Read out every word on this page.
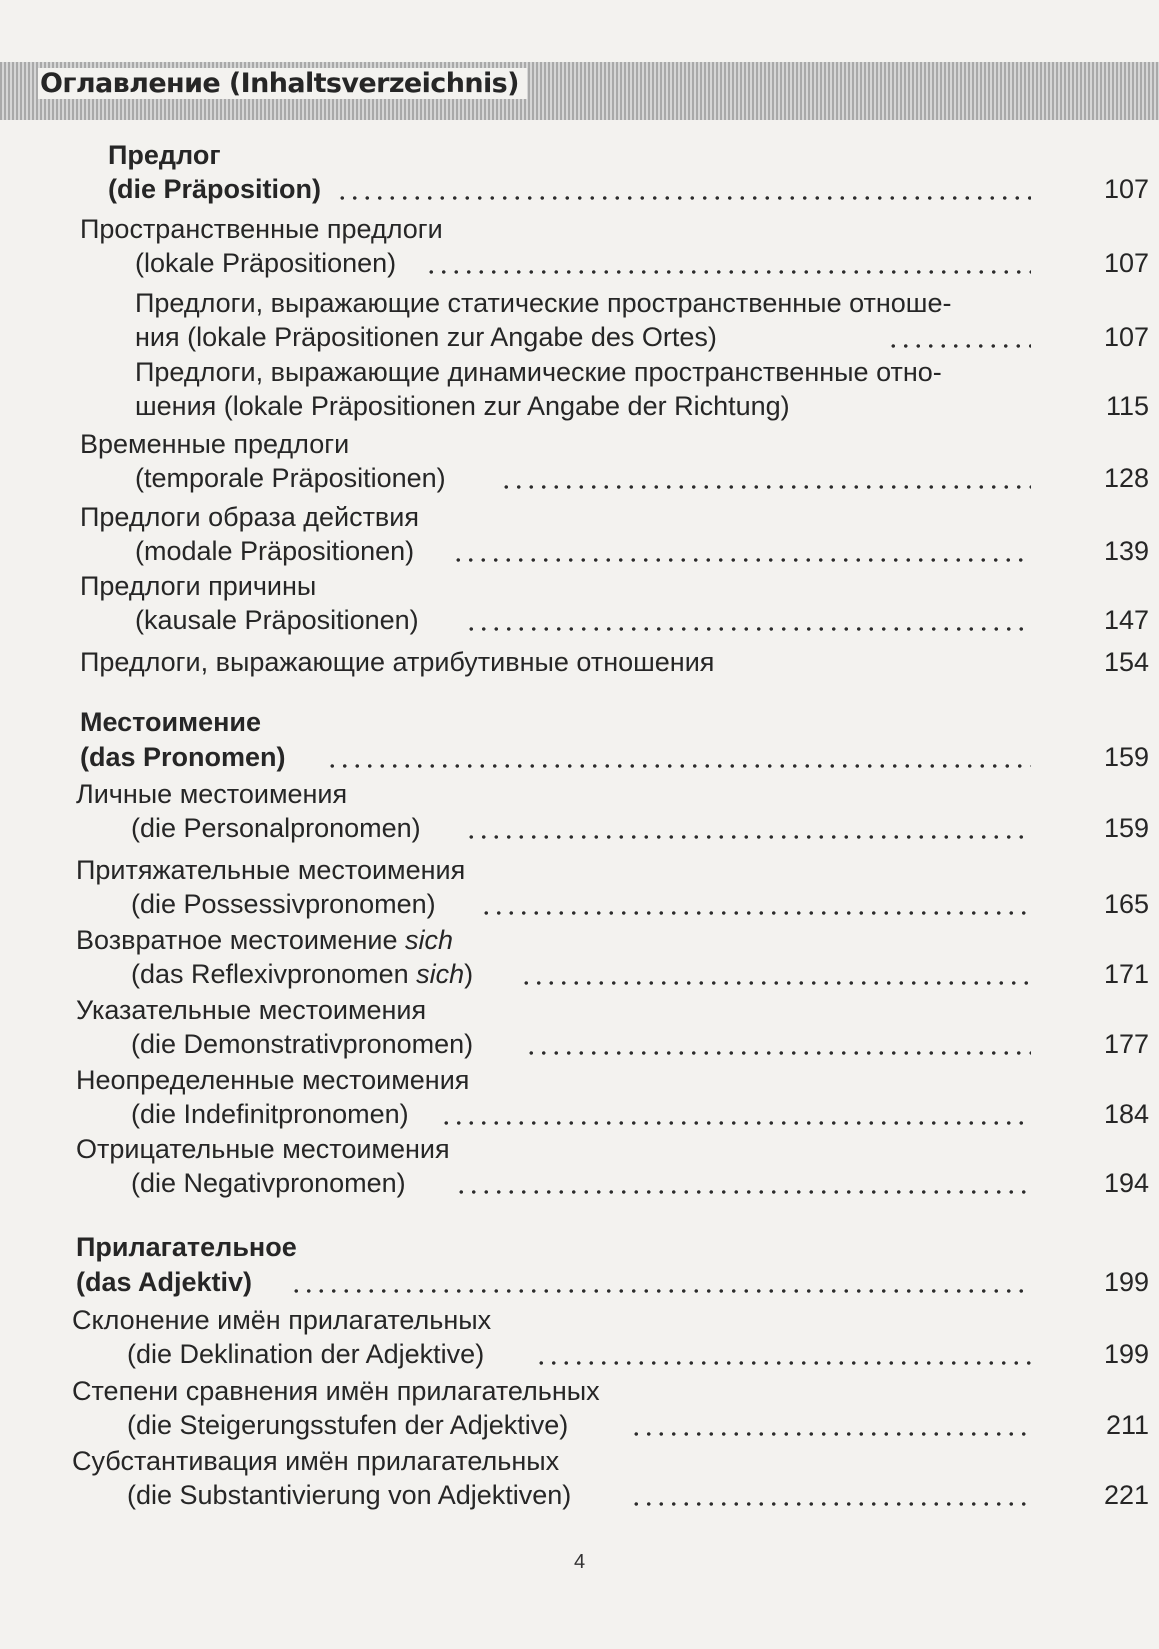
Оглавление (Inhaltsverzeichnis)
Предлог
(die Präposition)	107
Пространственные предлоги
(lokale Präpositionen)	107
Предлоги, выражающие статические пространственные отноше-
ния (lokale Präpositionen zur Angabe des Ortes)	107
Предлоги, выражающие динамические пространственные отно-
шения (lokale Präpositionen zur Angabe der Richtung)	115
Временные предлоги
(temporale Präpositionen)	128
Предлоги образа действия
(modale Präpositionen)	139
Предлоги причины
(kausale Präpositionen)	147
Предлоги, выражающие атрибутивные отношения	154
Местоимение
(das Pronomen)	159
Личные местоимения
(die Personalpronomen)	159
Притяжательные местоимения
(die Possessivpronomen)	165
Возвратное местоимение sich
(das Reflexivpronomen sich)	171
Указательные местоимения
(die Demonstrativpronomen)	177
Неопределенные местоимения
(die Indefinitpronomen)	184
Отрицательные местоимения
(die Negativpronomen)	194
Прилагательное
(das Adjektiv)	199
Склонение имён прилагательных
(die Deklination der Adjektive)	199
Степени сравнения имён прилагательных
(die Steigerungsstufen der Adjektive)	211
Субстантивация имён прилагательных
(die Substantivierung von Adjektiven)	221
4
